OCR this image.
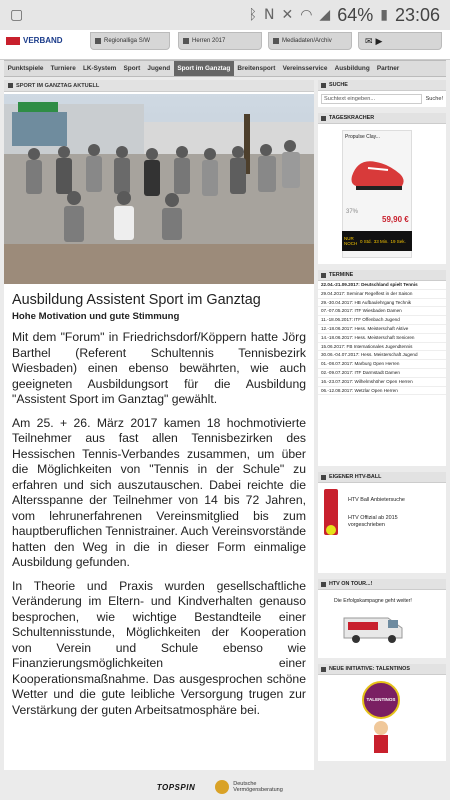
▢	ᛒ N ✕ ◠ ◢ 64% ▮ 23:06
VERBAND	Regionalliga S/W	Herren 2017	Mediadaten/Archiv	✉ ▶
Punktspiele	Turniere	LK-System	Sport	Jugend	Sport im Ganztag	Breitensport	Vereinsservice	Ausbildung	Partner
SPORT IM GANZTAG AKTUELL
Ausbildung Assistent Sport im Ganztag
Hohe Motivation und gute Stimmung

Mit dem "Forum" in Friedrichsdorf/Köppern hatte Jörg Barthel (Referent Schultennis Tennisbezirk Wiesbaden) einen ebenso bewährten, wie auch geeigneten Ausbildungsort für die Ausbildung "Assistent Sport im Ganztag" gewählt.

Am 25. + 26. März 2017 kamen 18 hochmotivierte Teilnehmer aus fast allen Tennisbezirken des Hessischen Tennis-Verbandes zusammen, um über die Möglichkeiten von "Tennis in der Schule" zu erfahren und sich auszutauschen. Dabei reichte die Altersspanne der Teilnehmer von 14 bis 72 Jahren, vom lehrunerfahrenen Vereinsmitglied bis zum hauptberuflichen Tennistrainer. Auch Vereinsvorstände hatten den Weg in die in dieser Form einmalige Ausbildung gefunden.

In Theorie und Praxis wurden gesellschaftliche Veränderung im Eltern- und Kindverhalten genauso besprochen, wie wichtige Bestandteile einer Schultennisstunde, Möglichkeiten der Kooperation von Verein und Schule ebenso wie Finanzierungsmöglichkeiten einer Kooperationsmaßnahme. Das ausgesprochen schöne Wetter und die gute leibliche Versorgung trugen zur Verstärkung der guten Arbeitsatmosphäre bei.

SUCHE
Suchtext eingeben...	Suche!
TAGESKRACHER
Propulse Clay...
37%
59,90 €
NUR NOCH 0 Std. 33 Min. 19 Sek.
TERMINE
22.04.-21.09.2017: Deutschland spielt Tennis
29.04.2017: Seminar Regelfest in der Saison
29.-30.04.2017: HB Aufbaulehrgang Technik
07.-07.05.2017: ITF Wiesbaden Damen
11.-18.06.2017: ITF Offenbach Jugend
12.-18.06.2017: Hess. Meisterschaft Aktive
14.-18.06.2017: Hess. Meisterschaft Senioren
15.06.2017: FB Internationales Jugendtennis
30.06.-04.07.2017: Hess. Meisterschaft Jugend
01.-08.07.2017: Marburg Open Herren
02.-09.07.2017: ITF Darmstadt Damen
16.-23.07.2017: Wilhelmshöher Open Herren
06.-12.08.2017: Wetzlar Open Herren
EIGENER HTV-BALL
HTV Ball Anbietersuche
HTV Offizial ab 2015 vorgeschrieben
HTV ON TOUR...!
Die Erfolgskampagne geht weiter!
NEUE INITIATIVE: TALENTINOS
TALENTINOS
TOPSPIN	Deutsche Vermögensberatung
